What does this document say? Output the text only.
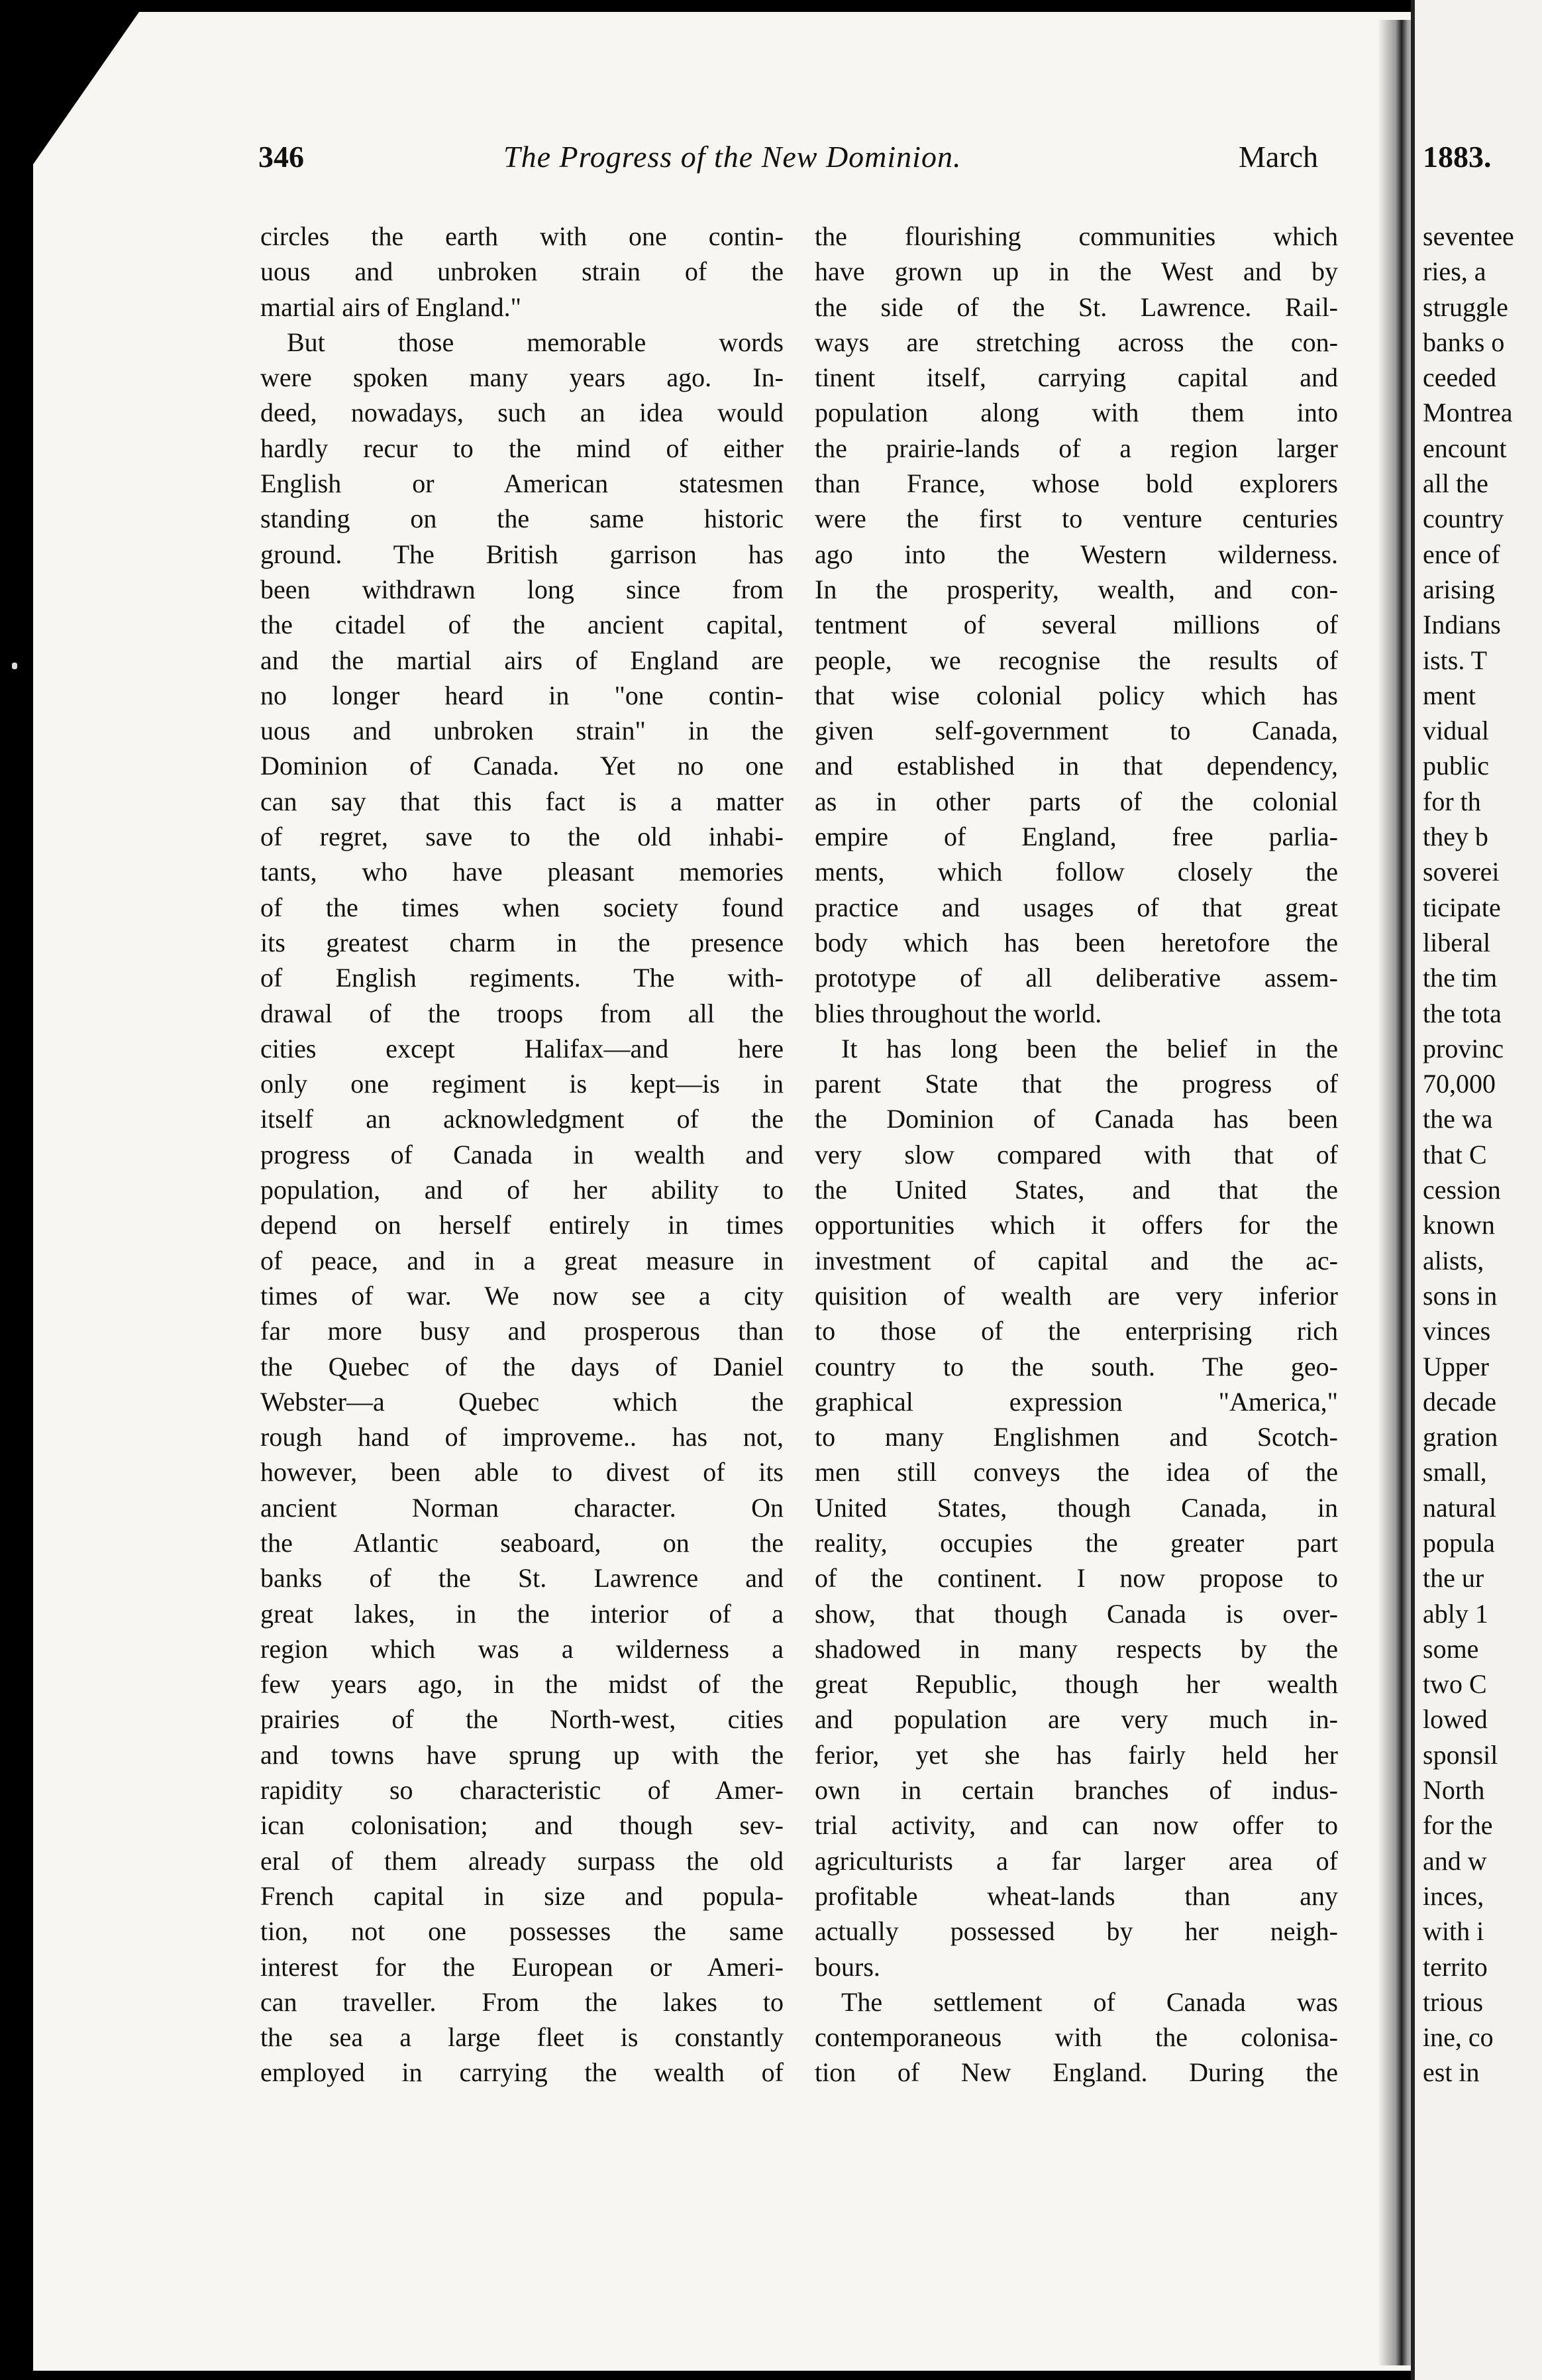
346	The Progress of the New Dominion.	March	1883.
circles the earth with one contin-
uous and unbroken strain of the
martial airs of England."
But those memorable words
were spoken many years ago. In-
deed, nowadays, such an idea would
hardly recur to the mind of either
English or American statesmen
standing on the same historic
ground. The British garrison has
been withdrawn long since from
the citadel of the ancient capital,
and the martial airs of England are
no longer heard in "one contin-
uous and unbroken strain" in the
Dominion of Canada. Yet no one
can say that this fact is a matter
of regret, save to the old inhabi-
tants, who have pleasant memories
of the times when society found
its greatest charm in the presence
of English regiments. The with-
drawal of the troops from all the
cities except Halifax—and here
only one regiment is kept—is in
itself an acknowledgment of the
progress of Canada in wealth and
population, and of her ability to
depend on herself entirely in times
of peace, and in a great measure in
times of war. We now see a city
far more busy and prosperous than
the Quebec of the days of Daniel
Webster—a Quebec which the
rough hand of improveme.. has not,
however, been able to divest of its
ancient Norman character. On
the Atlantic seaboard, on the
banks of the St. Lawrence and
great lakes, in the interior of a
region which was a wilderness a
few years ago, in the midst of the
prairies of the North-west, cities
and towns have sprung up with the
rapidity so characteristic of Amer-
ican colonisation; and though sev-
eral of them already surpass the old
French capital in size and popula-
tion, not one possesses the same
interest for the European or Ameri-
can traveller. From the lakes to
the sea a large fleet is constantly
employed in carrying the wealth of
the flourishing communities which
have grown up in the West and by
the side of the St. Lawrence. Rail-
ways are stretching across the con-
tinent itself, carrying capital and
population along with them into
the prairie-lands of a region larger
than France, whose bold explorers
were the first to venture centuries
ago into the Western wilderness.
In the prosperity, wealth, and con-
tentment of several millions of
people, we recognise the results of
that wise colonial policy which has
given self-government to Canada,
and established in that dependency,
as in other parts of the colonial
empire of England, free parlia-
ments, which follow closely the
practice and usages of that great
body which has been heretofore the
prototype of all deliberative assem-
blies throughout the world.
It has long been the belief in the
parent State that the progress of
the Dominion of Canada has been
very slow compared with that of
the United States, and that the
opportunities which it offers for the
investment of capital and the ac-
quisition of wealth are very inferior
to those of the enterprising rich
country to the south. The geo-
graphical expression "America,"
to many Englishmen and Scotch-
men still conveys the idea of the
United States, though Canada, in
reality, occupies the greater part
of the continent. I now propose to
show, that though Canada is over-
shadowed in many respects by the
great Republic, though her wealth
and population are very much in-
ferior, yet she has fairly held her
own in certain branches of indus-
trial activity, and can now offer to
agriculturists a far larger area of
profitable wheat-lands than any
actually possessed by her neigh-
bours.
The settlement of Canada was
contemporaneous with the colonisa-
tion of New England. During the
seventee
ries, a
struggle
banks o
ceeded
Montrea
encount
all the
country
ence of
arising
Indians
ists. T
ment
vidual
public
for th
they b
soverei
ticipate
liberal
the tim
the tota
provinc
70,000
the wa
that C
cession
known
alists,
sons in
vinces
Upper
decade
gration
small,
natural
popula
the ur
ably 1
some
two C
lowed
sponsil
North
for the
and w
inces,
with i
territo
trious
ine, co
est in
